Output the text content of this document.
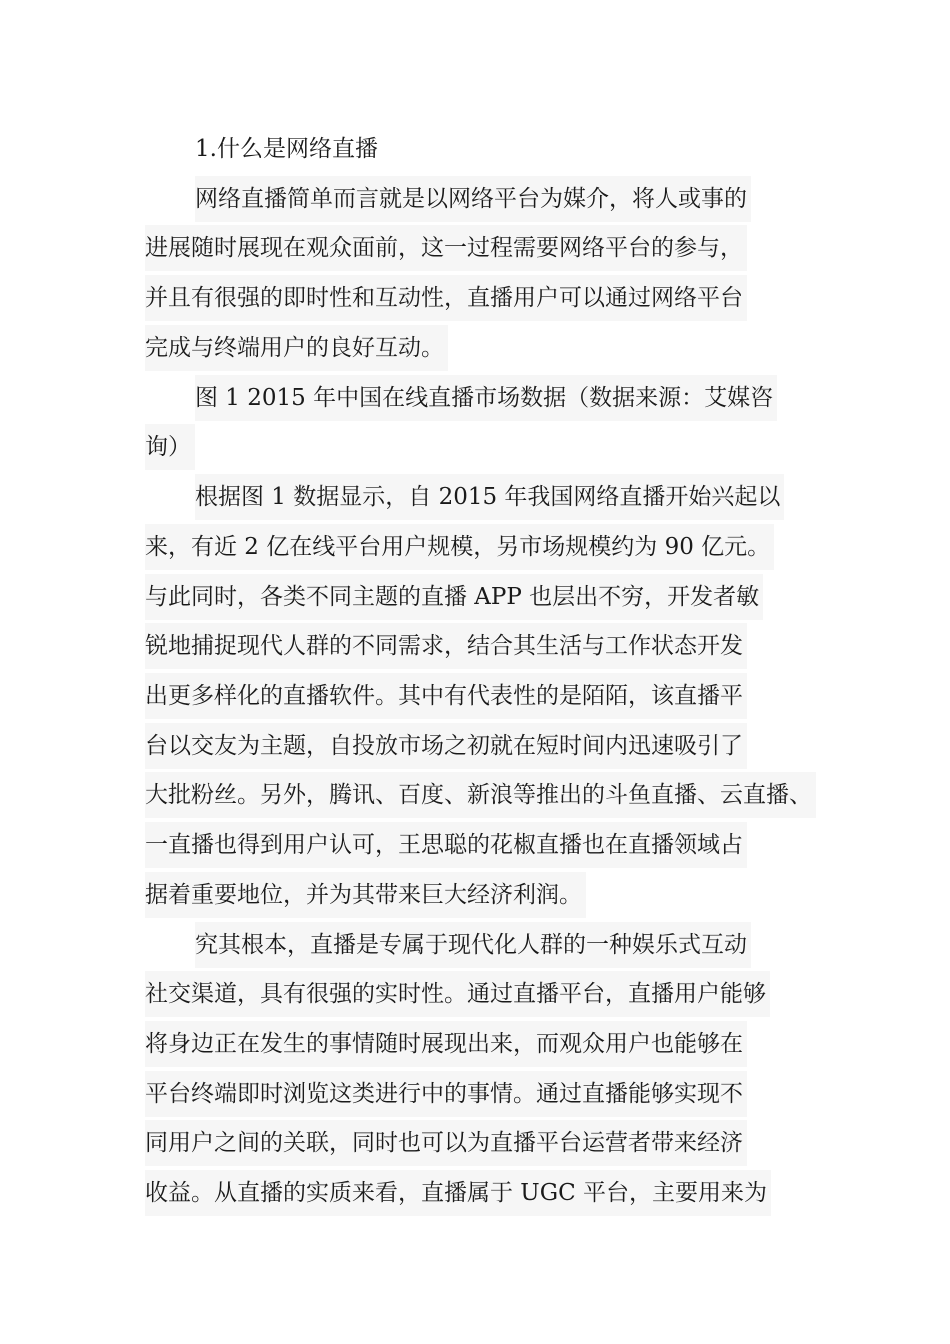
1.什么是网络直播
网络直播简单而言就是以网络平台为媒介，将人或事的
进展随时展现在观众面前，这一过程需要网络平台的参与，
并且有很强的即时性和互动性，直播用户可以通过网络平台
完成与终端用户的良好互动。
图 1 2015 年中国在线直播市场数据（数据来源：艾媒咨
询）
根据图 1 数据显示，自 2015 年我国网络直播开始兴起以
来，有近 2 亿在线平台用户规模，另市场规模约为 90 亿元。
与此同时，各类不同主题的直播 APP 也层出不穷，开发者敏
锐地捕捉现代人群的不同需求，结合其生活与工作状态开发
出更多样化的直播软件。其中有代表性的是陌陌，该直播平
台以交友为主题，自投放市场之初就在短时间内迅速吸引了
大批粉丝。另外，腾讯、百度、新浪等推出的斗鱼直播、云直播、
一直播也得到用户认可，王思聪的花椒直播也在直播领域占
据着重要地位，并为其带来巨大经济利润。
究其根本，直播是专属于现代化人群的一种娱乐式互动
社交渠道，具有很强的实时性。通过直播平台，直播用户能够
将身边正在发生的事情随时展现出来，而观众用户也能够在
平台终端即时浏览这类进行中的事情。通过直播能够实现不
同用户之间的关联，同时也可以为直播平台运营者带来经济
收益。从直播的实质来看，直播属于 UGC 平台，主要用来为
